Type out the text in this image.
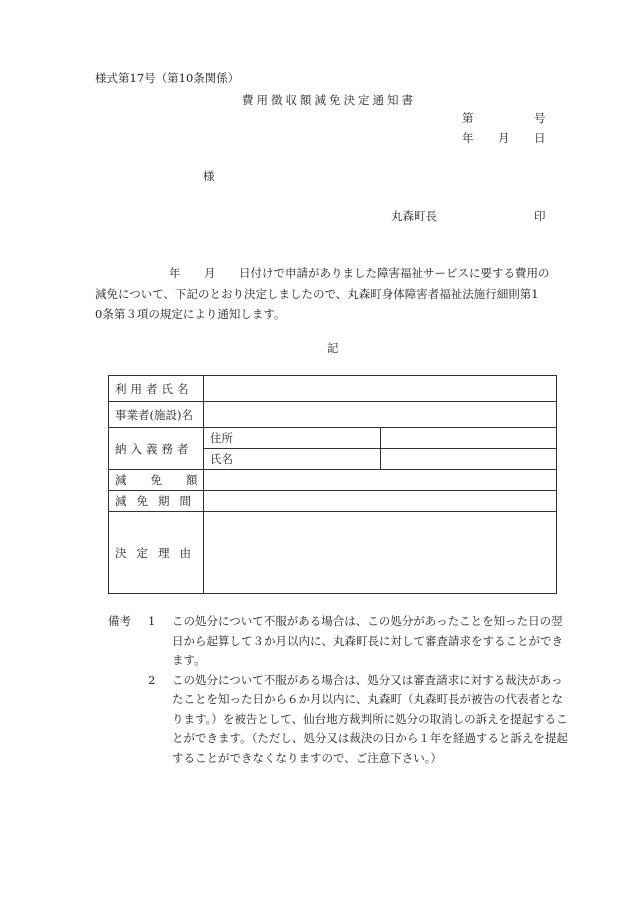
様式第17号（第10条関係）
費用徴収額減免決定通知書
第	号
年 月 日
様
丸森町長	印
年 月 日付けで申請がありました障害福祉サービスに要する費用の
減免について、下記のとおり決定しましたので、丸森町身体障害者福祉法施行細則第1
0条第３項の規定により通知します。
記
利用者氏名		

事業者(施設)名		
納入義務者	住所	
	氏名	
減免額		
減免期間		
決定理由		
備考	1	この処分について不服がある場合は、この処分があったことを知った日の翌日から起算して３か月以内に、丸森町長に対して審査請求をすることができます。
2	この処分について不服がある場合は、処分又は審査請求に対する裁決があったことを知った日から６か月以内に、丸森町（丸森町長が被告の代表者となります。）を被告として、仙台地方裁判所に処分の取消しの訴えを提起することができます。（ただし、処分又は裁決の日から１年を経過すると訴えを提起することができなくなりますので、ご注意下さい。）
